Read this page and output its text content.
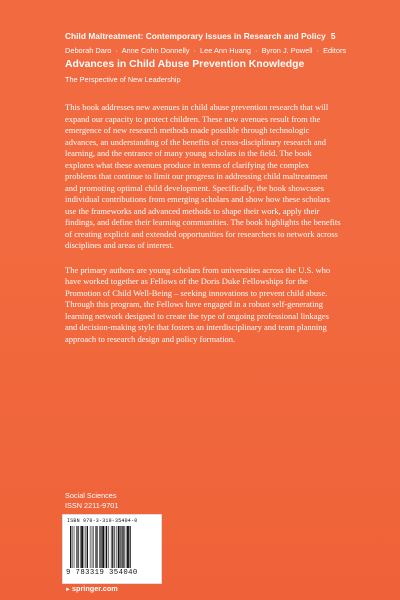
Child Maltreatment: Contemporary Issues in Research and Policy 5
Deborah Daro · Anne Cohn Donnelly · Lee Ann Huang · Byron J. Powell · Editors
Advances in Child Abuse Prevention Knowledge
The Perspective of New Leadership

This book addresses new avenues in child abuse prevention research that will expand our capacity to protect children. These new avenues result from the emergence of new research methods made possible through technologic advances, an understanding of the benefits of cross-disciplinary research and learning, and the entrance of many young scholars in the field. The book explores what these avenues produce in terms of clarifying the complex problems that continue to limit our progress in addressing child maltreatment and promoting optimal child development. Specifically, the book showcases individual contributions from emerging scholars and show how these scholars use the frameworks and advanced methods to shape their work, apply their findings, and define their learning communities. The book highlights the benefits of creating explicit and extended opportunities for researchers to network across disciplines and areas of interest.

The primary authors are young scholars from universities across the U.S. who have worked together as Fellows of the Doris Duke Fellowships for the Promotion of Child Well-Being – seeking innovations to prevent child abuse. Through this program, the Fellows have engaged in a robust self-generating learning network designed to create the type of ongoing professional linkages and decision-making style that fosters an interdisciplinary and team planning approach to research design and policy formation.

Social Sciences
ISSN 2211-9701
ISBN 978-3-319-35404-0
9 783319 354040
►springer.com
